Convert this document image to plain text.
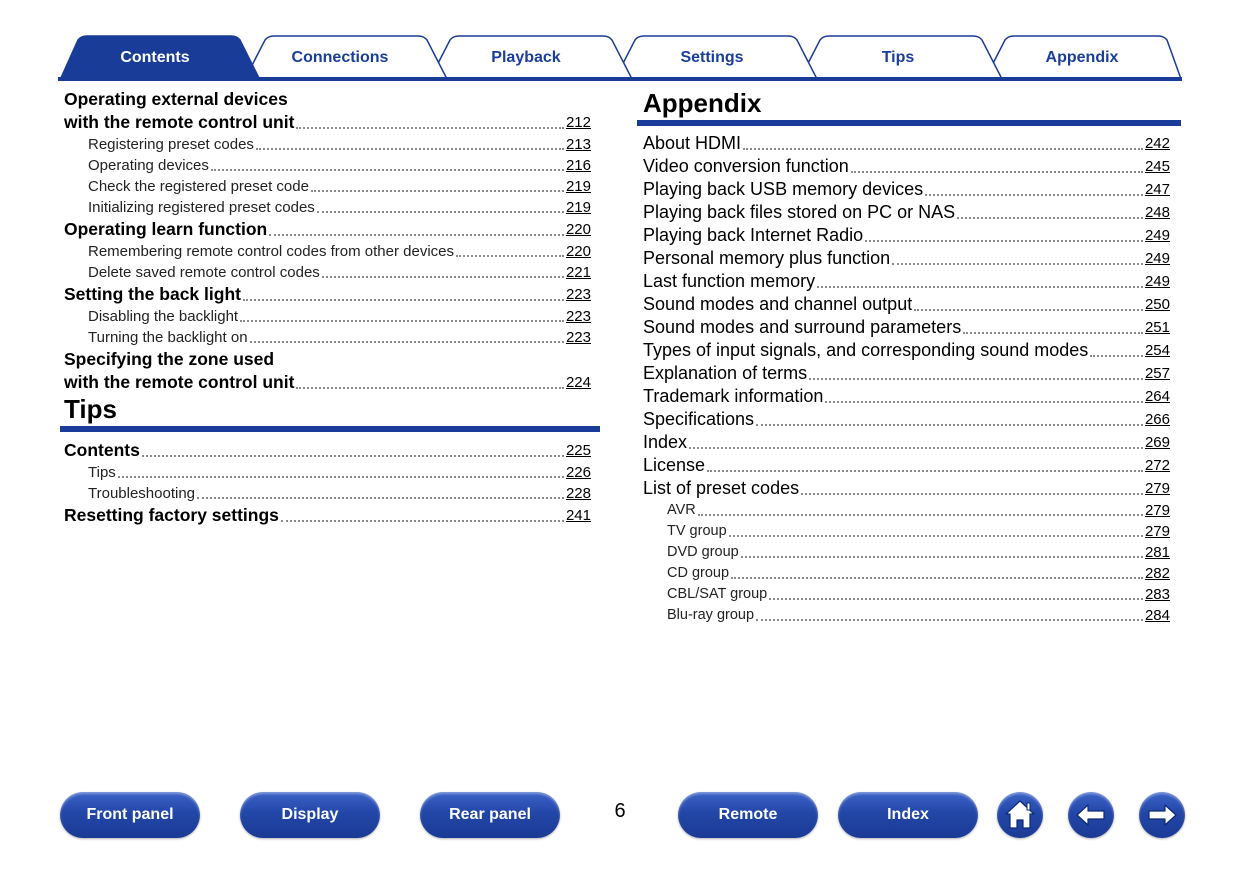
Contents	Connections	Playback	Settings	Tips	Appendix
Operating external devices
with the remote control unit	212
Registering preset codes	213
Operating devices	216
Check the registered preset code	219
Initializing registered preset codes	219
Operating learn function	220
Remembering remote control codes from other devices	220
Delete saved remote control codes	221
Setting the back light	223
Disabling the backlight	223
Turning the backlight on	223
Specifying the zone used
with the remote control unit	224
Tips
Contents	225
Tips	226
Troubleshooting	228
Resetting factory settings	241
Appendix
About HDMI	242
Video conversion function	245
Playing back USB memory devices	247
Playing back files stored on PC or NAS	248
Playing back Internet Radio	249
Personal memory plus function	249
Last function memory	249
Sound modes and channel output	250
Sound modes and surround parameters	251
Types of input signals, and corresponding sound modes	254
Explanation of terms	257
Trademark information	264
Specifications	266
Index	269
License	272
List of preset codes	279
AVR	279
TV group	279
DVD group	281
CD group	282
CBL/SAT group	283
Blu-ray group	284
Front panel	Display	Rear panel	6	Remote	Index
